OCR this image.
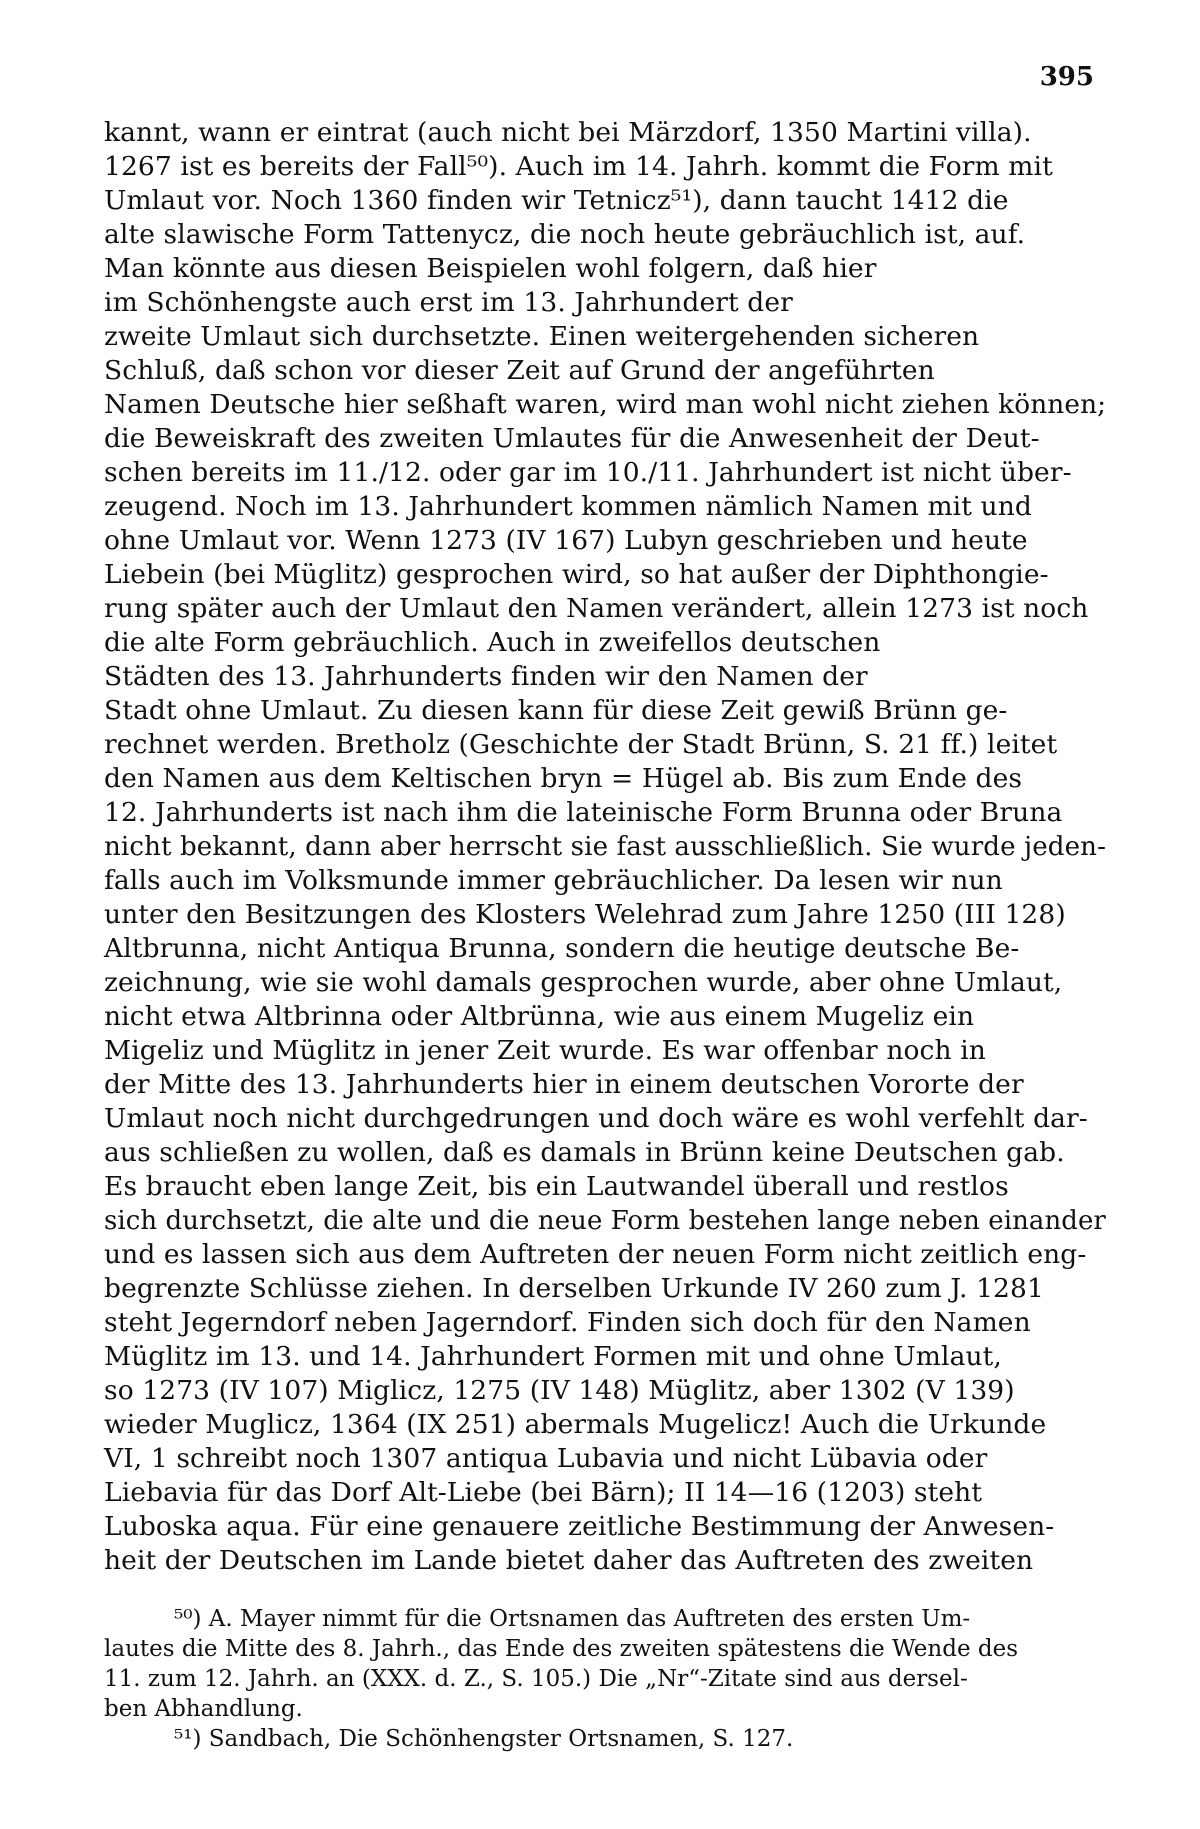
395
kannt, wann er eintrat (auch nicht bei Märzdorf, 1350 Martini villa).
1267 ist es bereits der Fall⁵⁰). Auch im 14. Jahrh. kommt die Form mit
Umlaut vor. Noch 1360 finden wir Tetnicz⁵¹), dann taucht 1412 die
alte slawische Form Tattenycz, die noch heute gebräuchlich ist, auf.
Man könnte aus diesen Beispielen wohl folgern, daß hier
im Schönhengste auch erst im 13. Jahrhundert der
zweite Umlaut sich durchsetzte. Einen weitergehenden sicheren
Schluß, daß schon vor dieser Zeit auf Grund der angeführten
Namen Deutsche hier seßhaft waren, wird man wohl nicht ziehen können;
die Beweiskraft des zweiten Umlautes für die Anwesenheit der Deut-
schen bereits im 11./12. oder gar im 10./11. Jahrhundert ist nicht über-
zeugend. Noch im 13. Jahrhundert kommen nämlich Namen mit und
ohne Umlaut vor. Wenn 1273 (IV 167) Lubyn geschrieben und heute
Liebein (bei Müglitz) gesprochen wird, so hat außer der Diphthongie-
rung später auch der Umlaut den Namen verändert, allein 1273 ist noch
die alte Form gebräuchlich. Auch in zweifellos deutschen
Städten des 13. Jahrhunderts finden wir den Namen der
Stadt ohne Umlaut. Zu diesen kann für diese Zeit gewiß Brünn ge-
rechnet werden. Bretholz (Geschichte der Stadt Brünn, S. 21 ff.) leitet
den Namen aus dem Keltischen bryn = Hügel ab. Bis zum Ende des
12. Jahrhunderts ist nach ihm die lateinische Form Brunna oder Bruna
nicht bekannt, dann aber herrscht sie fast ausschließlich. Sie wurde jeden-
falls auch im Volksmunde immer gebräuchlicher. Da lesen wir nun
unter den Besitzungen des Klosters Welehrad zum Jahre 1250 (III 128)
Altbrunna, nicht Antiqua Brunna, sondern die heutige deutsche Be-
zeichnung, wie sie wohl damals gesprochen wurde, aber ohne Umlaut,
nicht etwa Altbrinna oder Altbrünna, wie aus einem Mugeliz ein
Migeliz und Müglitz in jener Zeit wurde. Es war offenbar noch in
der Mitte des 13. Jahrhunderts hier in einem deutschen Vororte der
Umlaut noch nicht durchgedrungen und doch wäre es wohl verfehlt dar-
aus schließen zu wollen, daß es damals in Brünn keine Deutschen gab.
Es braucht eben lange Zeit, bis ein Lautwandel überall und restlos
sich durchsetzt, die alte und die neue Form bestehen lange neben einander
und es lassen sich aus dem Auftreten der neuen Form nicht zeitlich eng-
begrenzte Schlüsse ziehen. In derselben Urkunde IV 260 zum J. 1281
steht Jegerndorf neben Jagerndorf. Finden sich doch für den Namen
Müglitz im 13. und 14. Jahrhundert Formen mit und ohne Umlaut,
so 1273 (IV 107) Miglicz, 1275 (IV 148) Müglitz, aber 1302 (V 139)
wieder Muglicz, 1364 (IX 251) abermals Mugelicz! Auch die Urkunde
VI, 1 schreibt noch 1307 antiqua Lubavia und nicht Lübavia oder
Liebavia für das Dorf Alt-Liebe (bei Bärn); II 14—16 (1203) steht
Luboska aqua. Für eine genauere zeitliche Bestimmung der Anwesen-
heit der Deutschen im Lande bietet daher das Auftreten des zweiten
⁵⁰) A. Mayer nimmt für die Ortsnamen das Auftreten des ersten Um-
lautes die Mitte des 8. Jahrh., das Ende des zweiten spätestens die Wende des
11. zum 12. Jahrh. an (XXX. d. Z., S. 105.) Die „Nr“-Zitate sind aus dersel-
ben Abhandlung.
⁵¹) Sandbach, Die Schönhengster Ortsnamen, S. 127.
